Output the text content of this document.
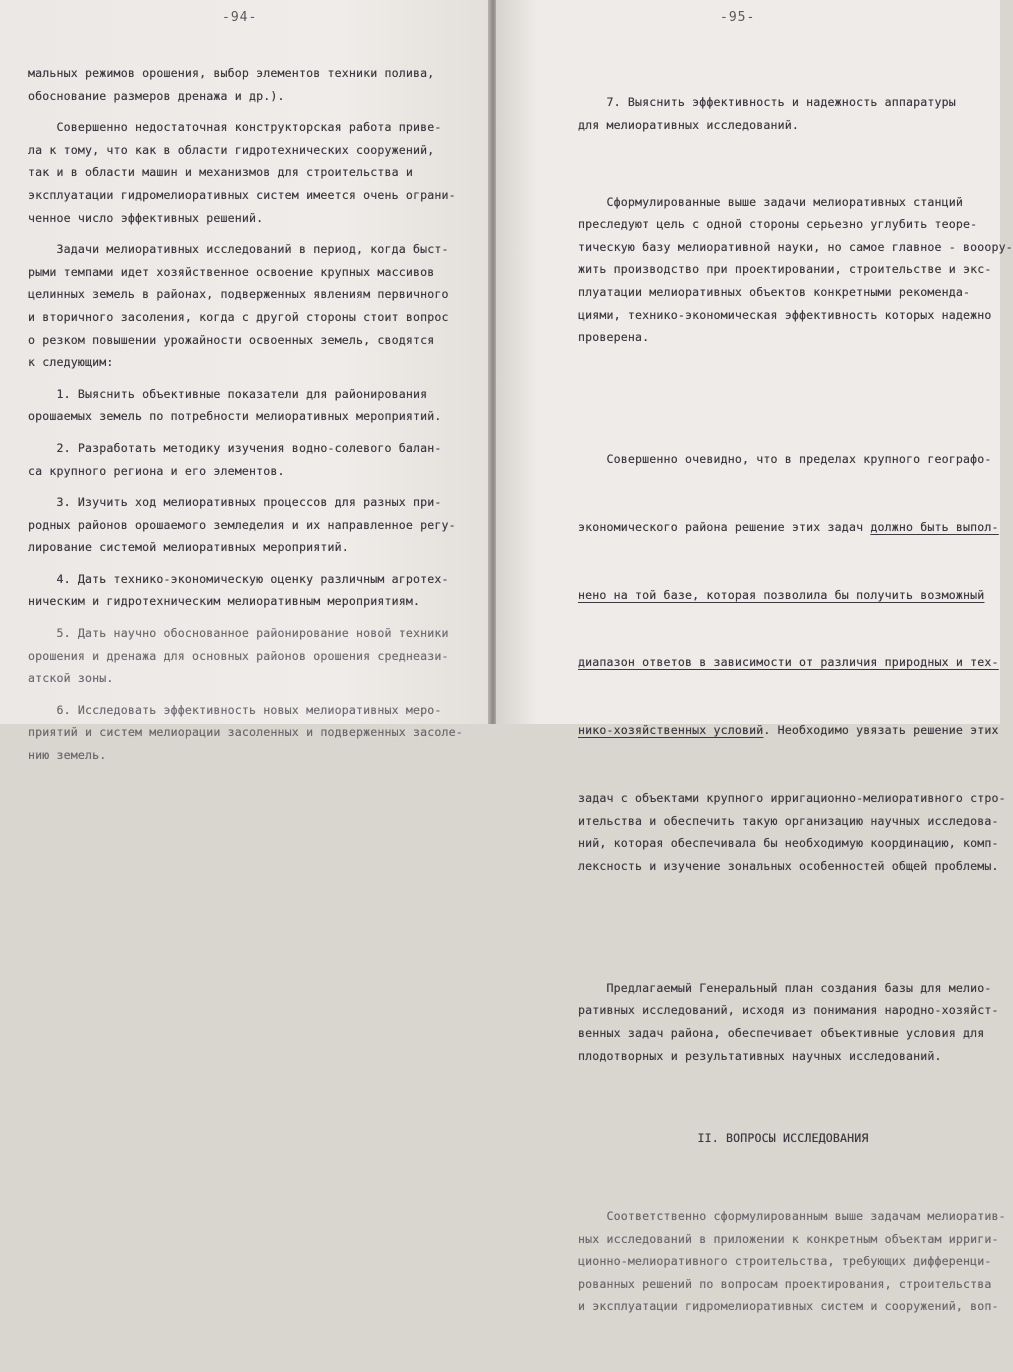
-94-
мальных режимов орошения, выбор элементов техники полива,
обоснование размеров дренажа и др.).
Совершенно недостаточная конструкторская работа приве-
ла к тому, что как в области гидротехнических сооружений,
так и в области машин и механизмов для строительства и
эксплуатации гидромелиоративных систем имеется очень ограни-
ченное число эффективных решений.
Задачи мелиоративных исследований в период, когда быст-
рыми темпами идет хозяйственное освоение крупных массивов
целинных земель в районах, подверженных явлениям первичного
и вторичного засоления, когда с другой стороны стоит вопрос
о резком повышении урожайности освоенных земель, сводятся
к следующим:
1. Выяснить объективные показатели для районирования
орошаемых земель по потребности мелиоративных мероприятий.
2. Разработать методику изучения водно-солевого балан-
са крупного региона и его элементов.
3. Изучить ход мелиоративных процессов для разных при-
родных районов орошаемого земледелия и их направленное регу-
лирование системой мелиоративных мероприятий.
4. Дать технико-экономическую оценку различным агротех-
ническим и гидротехническим мелиоративным мероприятиям.
5. Дать научно обоснованное районирование новой техники
орошения и дренажа для основных районов орошения среднеази-
атской зоны.
6. Исследовать эффективность новых мелиоративных меро-
приятий и систем мелиорации засоленных и подверженных засоле-
нию земель.
-95-

7. Выяснить эффективность и надежность аппаратуры
для мелиоративных исследований.

Сформулированные выше задачи мелиоративных станций
преследуют цель с одной стороны серьезно углубить теоре-
тическую базу мелиоративной науки, но самое главное - вооору-
жить производство при проектировании, строительстве и экс-
плуатации мелиоративных объектов конкретными рекоменда-
циями, технико-экономическая эффективность которых надежно
проверена.

Совершенно очевидно, что в пределах крупного географо-

экономического района решение этих задач должно быть выпол-

нено на той базе, которая позволила бы получить возможный

диапазон ответов в зависимости от различия природных и тех-

нико-хозяйственных условий. Необходимо увязать решение этих

задач с объектами крупного ирригационно-мелиоративного стро-
ительства и обеспечить такую организацию научных исследова-
ний, которая обеспечивала бы необходимую координацию, комп-
лексность и изучение зональных особенностей общей проблемы.

Предлагаемый Генеральный план создания базы для мелио-
ративных исследований, исходя из понимания народно-хозяйст-
венных задач района, обеспечивает объективные условия для
плодотворных и результативных научных исследований.

II. ВОПРОСЫ ИССЛЕДОВАНИЯ

Соответственно сформулированным выше задачам мелиоратив-
ных исследований в приложении к конкретным объектам ирриги-
ционно-мелиоративного строительства, требующих дифференци-
рованных решений по вопросам проектирования, строительства
и эксплуатации гидромелиоративных систем и сооружений, воп-
